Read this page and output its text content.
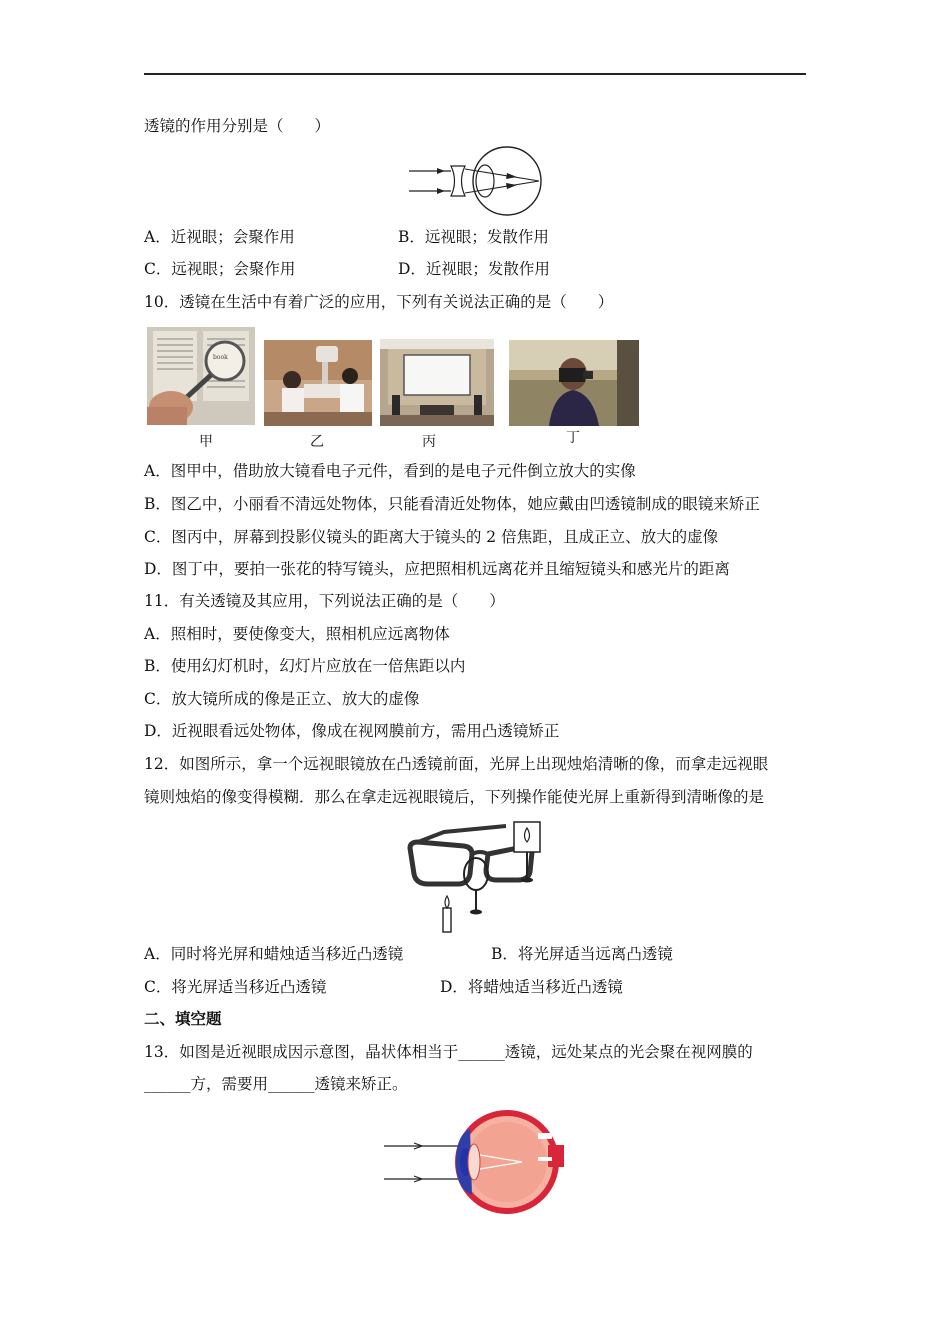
透镜的作用分别是（　　）
A．近视眼；会聚作用	B．远视眼；发散作用
C．远视眼；会聚作用	D．近视眼；发散作用
10．透镜在生活中有着广泛的应用，下列有关说法正确的是（　　）
book
甲	乙	丙	丁
A．图甲中，借助放大镜看电子元件，看到的是电子元件倒立放大的实像
B．图乙中，小丽看不清远处物体，只能看清近处物体，她应戴由凹透镜制成的眼镜来矫正
C．图丙中，屏幕到投影仪镜头的距离大于镜头的 2 倍焦距，且成正立、放大的虚像
D．图丁中，要拍一张花的特写镜头，应把照相机远离花并且缩短镜头和感光片的距离
11．有关透镜及其应用，下列说法正确的是（　　）
A．照相时，要使像变大，照相机应远离物体
B．使用幻灯机时，幻灯片应放在一倍焦距以内
C．放大镜所成的像是正立、放大的虚像
D．近视眼看远处物体，像成在视网膜前方，需用凸透镜矫正
12．如图所示，拿一个远视眼镜放在凸透镜前面，光屏上出现烛焰清晰的像，而拿走远视眼
镜则烛焰的像变得模糊．那么在拿走远视眼镜后，下列操作能使光屏上重新得到清晰像的是
A．同时将光屏和蜡烛适当移近凸透镜	B．将光屏适当远离凸透镜
C．将光屏适当移近凸透镜	D．将蜡烛适当移近凸透镜
二、填空题
13．如图是近视眼成因示意图，晶状体相当于______透镜，远处某点的光会聚在视网膜的
______方，需要用______透镜来矫正。
